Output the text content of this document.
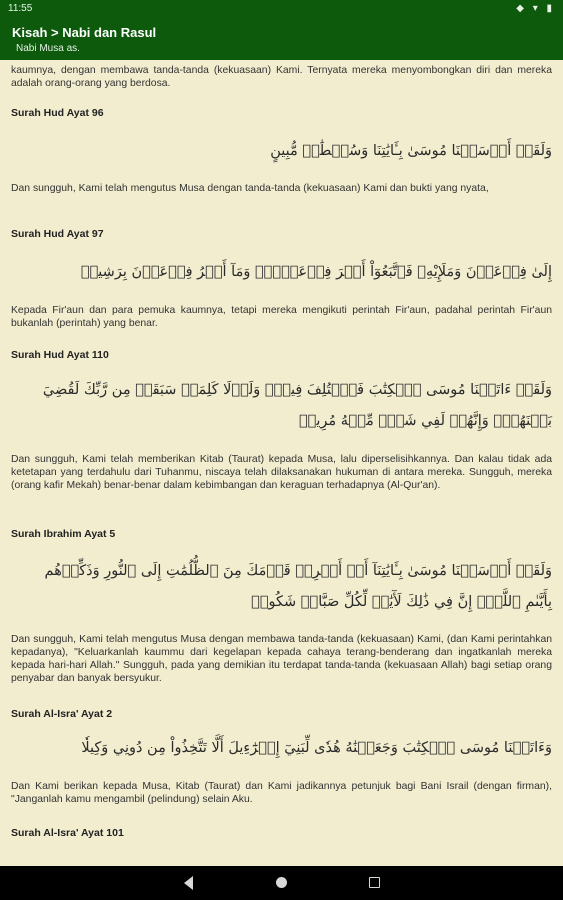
11:55	◆ ▾ ▮
Kisah > Nabi dan Rasul
Nabi Musa as.
kaumnya, dengan membawa tanda-tanda (kekuasaan) Kami. Ternyata mereka menyombongkan diri dan mereka adalah orang-orang yang berdosa.
Surah Hud Ayat 96
وَلَقَدۡ أَرۡسَلۡنَا مُوسَىٰ بِـَٔايَٰتِنَا وَسُلۡطَٰنٖ مُّبِينٍ
Dan sungguh, Kami telah mengutus Musa dengan tanda-tanda (kekuasaan) Kami dan bukti yang nyata,
Surah Hud Ayat 97
إِلَىٰ فِرۡعَوۡنَ وَمَلَإِيْهِۦ فَٱتَّبَعُوٓاْ أَمۡرَ فِرۡعَوۡنَۖ وَمَآ أَمۡرُ فِرۡعَوۡنَ بِرَشِيدٖ
Kepada Fir'aun dan para pemuka kaumnya, tetapi mereka mengikuti perintah Fir'aun, padahal perintah Fir'aun bukanlah (perintah) yang benar.
Surah Hud Ayat 110
وَلَقَدۡ ءَاتَيۡنَا مُوسَى ٱلۡكِتَٰبَ فَٱخۡتُلِفَ فِيهِۚ وَلَوۡلَا كَلِمَةٞ سَبَقَتۡ مِن رَّبِّكَ لَقُضِيَ بَيۡنَهُمۡۚ وَإِنَّهُمۡ لَفِي شَكّٖ مِّنۡهُ مُرِيبٖ
Dan sungguh, Kami telah memberikan Kitab (Taurat) kepada Musa, lalu diperselisihkannya. Dan kalau tidak ada ketetapan yang terdahulu dari Tuhanmu, niscaya telah dilaksanakan hukuman di antara mereka. Sungguh, mereka (orang kafir Mekah) benar-benar dalam kebimbangan dan keraguan terhadapnya (Al-Qur'an).
Surah Ibrahim Ayat 5
وَلَقَدۡ أَرۡسَلۡنَا مُوسَىٰ بِـَٔايَٰتِنَآ أَنۡ أَخۡرِجۡ قَوۡمَكَ مِنَ ٱلظُّلُمَٰتِ إِلَى ٱلنُّورِ وَذَكِّرۡهُم بِأَيَّىٰمِ ٱللَّهِۚ إِنَّ فِي ذَٰلِكَ لَأٓيَٰتٖ لِّكُلِّ صَبَّارٖ شَكُورٖ
Dan sungguh, Kami telah mengutus Musa dengan membawa tanda-tanda (kekuasaan) Kami, (dan Kami perintahkan kepadanya), "Keluarkanlah kaummu dari kegelapan kepada cahaya terang-benderang dan ingatkanlah mereka kepada hari-hari Allah." Sungguh, pada yang demikian itu terdapat tanda-tanda (kekuasaan Allah) bagi setiap orang penyabar dan banyak bersyukur.
Surah Al-Isra' Ayat 2
وَءَاتَيۡنَا مُوسَى ٱلۡكِتَٰبَ وَجَعَلۡنَٰهُ هُدٗى لِّبَنِيٓ إِسۡرَٰٓءِيلَ أَلَّا تَتَّخِذُواْ مِن دُونِي وَكِيلٗا
Dan Kami berikan kepada Musa, Kitab (Taurat) dan Kami jadikannya petunjuk bagi Bani Israil (dengan firman), "Janganlah kamu mengambil (pelindung) selain Aku.
Surah Al-Isra' Ayat 101
